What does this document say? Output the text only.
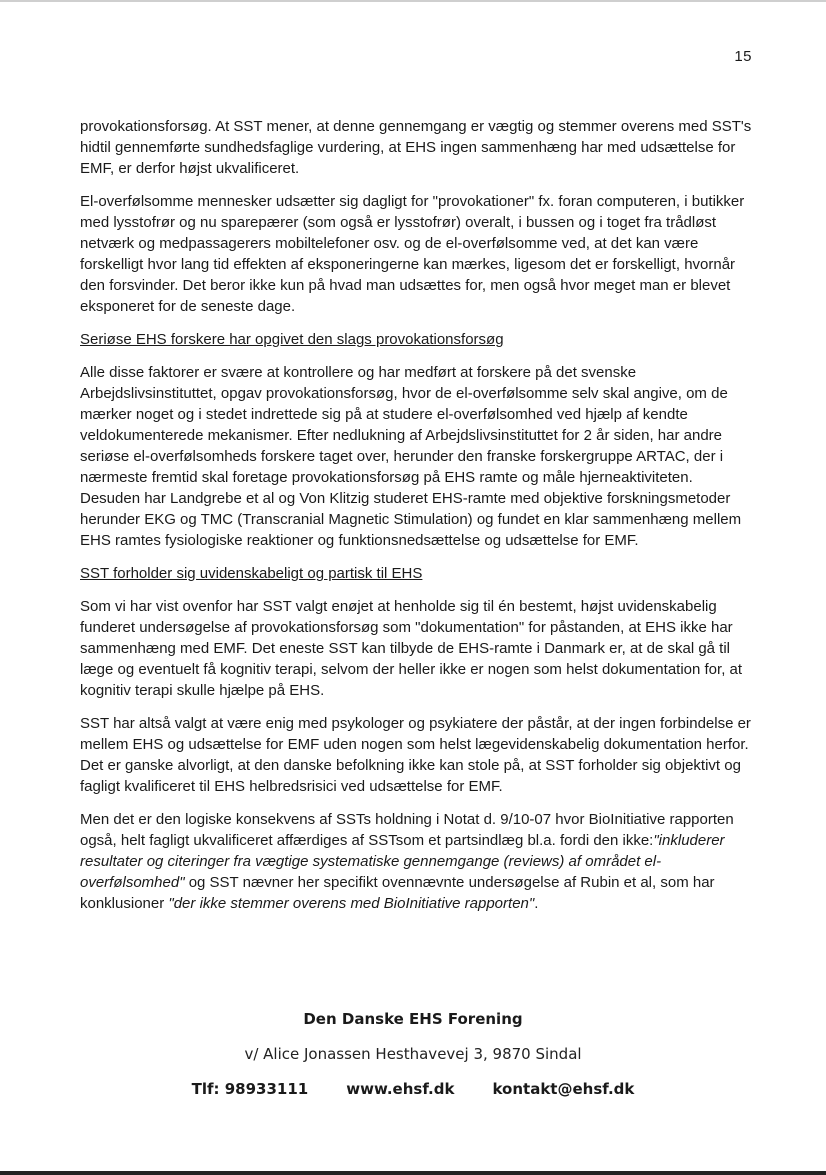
15

provokationsforsøg. At SST mener, at denne gennemgang er vægtig og stemmer overens med SST's hidtil gennemførte sundhedsfaglige vurdering, at EHS ingen sammenhæng har med udsættelse for EMF, er derfor højst ukvalificeret.

El-overfølsomme mennesker udsætter sig dagligt for "provokationer" fx. foran computeren, i butikker med lysstofrør og nu sparepærer (som også er lysstofrør) overalt, i bussen og i toget fra trådløst netværk og medpassagerers mobiltelefoner osv. og de el-overfølsomme ved, at det kan være forskelligt hvor lang tid effekten af eksponeringerne kan mærkes, ligesom det er forskelligt, hvornår den forsvinder. Det beror ikke kun på hvad man udsættes for, men også hvor meget man er blevet eksponeret for de seneste dage.

Seriøse EHS forskere har opgivet den slags provokationsforsøg

Alle disse faktorer er svære at kontrollere og har medført at forskere på det svenske Arbejdslivsinstituttet, opgav provokationsforsøg, hvor de el-overfølsomme selv skal angive, om de mærker noget og i stedet indrettede sig på at studere el-overfølsomhed ved hjælp af kendte veldokumenterede mekanismer. Efter nedlukning af Arbejdslivsinstituttet for 2 år siden, har andre seriøse el-overfølsomheds forskere taget over, herunder den franske forskergruppe ARTAC, der i nærmeste fremtid skal foretage provokationsforsøg på EHS ramte og måle hjerneaktiviteten. Desuden har Landgrebe et al og Von Klitzig studeret EHS-ramte med objektive forskningsmetoder herunder EKG og TMC (Transcranial Magnetic Stimulation) og fundet en klar sammenhæng mellem EHS ramtes fysiologiske reaktioner og funktionsnedsættelse og udsættelse for EMF.

SST forholder sig uvidenskabeligt og partisk til EHS

Som vi har vist ovenfor har SST valgt enøjet at henholde sig til én bestemt, højst uvidenskabelig funderet undersøgelse af provokationsforsøg som "dokumentation" for påstanden, at EHS ikke har sammenhæng med EMF. Det eneste SST kan tilbyde de EHS-ramte i Danmark er, at de skal gå til læge og eventuelt få kognitiv terapi, selvom der heller ikke er nogen som helst dokumentation for, at kognitiv terapi skulle hjælpe på EHS.

SST har altså valgt at være enig med psykologer og psykiatere der påstår, at der ingen forbindelse er mellem EHS og udsættelse for EMF uden nogen som helst lægevidenskabelig dokumentation herfor. Det er ganske alvorligt, at den danske befolkning ikke kan stole på, at SST forholder sig objektivt og fagligt kvalificeret til EHS helbredsrisici ved udsættelse for EMF.

Men det er den logiske konsekvens af SSTs holdning i Notat d. 9/10-07 hvor BioInitiative rapporten også, helt fagligt ukvalificeret affærdiges af SSTsom et partsindlæg bl.a. fordi den ikke:"inkluderer resultater og citeringer fra vægtige systematiske gennemgange (reviews) af området el-overfølsomhed" og SST nævner her specifikt ovennævnte undersøgelse af Rubin et al, som har konklusioner "der ikke stemmer overens med BioInitiative rapporten".

Den Danske EHS Forening
v/ Alice Jonassen Hesthavevej 3, 9870 Sindal
Tlf: 98933111	www.ehsf.dk	kontakt@ehsf.dk
